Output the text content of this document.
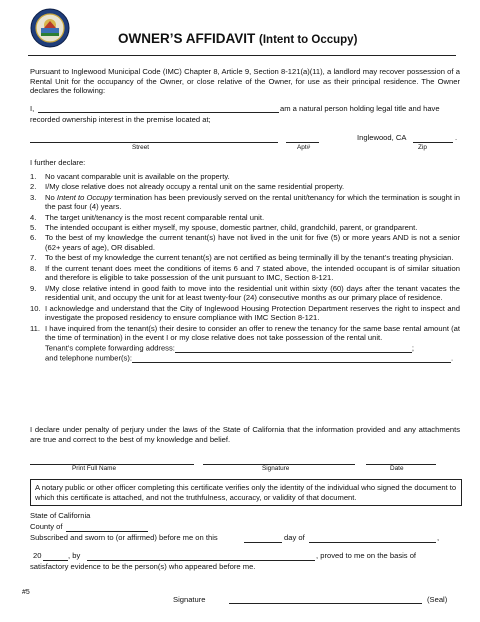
OWNER’S AFFIDAVIT (Intent to Occupy)
Pursuant to Inglewood Municipal Code (IMC) Chapter 8, Article 9, Section 8-121(a)(11), a landlord may recover possession of a Rental Unit for the occupancy of the Owner, or close relative of the Owner, for use as their principal residence. The Owner declares the following:
I,	am a natural person holding legal title and have
recorded ownership interest in the premise located at;
Inglewood, CA	.
Street	Apt#	Zip
I further declare:
1. No vacant comparable unit is available on the property.
2. I/My close relative does not already occupy a rental unit on the same residential property.
3. No Intent to Occupy termination has been previously served on the rental unit/tenancy for which the termination is sought in the past four (4) years.
4. The target unit/tenancy is the most recent comparable rental unit.
5. The intended occupant is either myself, my spouse, domestic partner, child, grandchild, parent, or grandparent.
6. To the best of my knowledge the current tenant(s) have not lived in the unit for five (5) or more years AND is not a senior (62+ years of age), OR disabled.
7. To the best of my knowledge the current tenant(s) are not certified as being terminally ill by the tenant’s treating physician.
8. If the current tenant does meet the conditions of items 6 and 7 stated above, the intended occupant is of similar situation and therefore is eligible to take possession of the unit pursuant to IMC, Section 8-121.
9. I/My close relative intend in good faith to move into the residential unit within sixty (60) days after the tenant vacates the residential unit, and occupy the unit for at least twenty-four (24) consecutive months as our primary place of residence.
10. I acknowledge and understand that the City of Inglewood Housing Protection Department reserves the right to inspect and investigate the proposed residency to ensure compliance with IMC Section 8-121.
11. I have inquired from the tenant(s) their desire to consider an offer to renew the tenancy for the same base rental amount (at the time of termination) in the event I or my close relative does not take possession of the rental unit.
Tenant’s complete forwarding address:	;
and telephone number(s):	.
I declare under penalty of perjury under the laws of the State of California that the information provided and any attachments are true and correct to the best of my knowledge and belief.
Print Full Name	Signature	Date
A notary public or other officer completing this certificate verifies only the identity of the individual who signed the document to which this certificate is attached, and not the truthfulness, accuracy, or validity of that document.
State of California
County of
Subscribed and sworn to (or affirmed) before me on this	day of	,
20	, by	, proved to me on the basis of
satisfactory evidence to be the person(s) who appeared before me.
#5
Signature	(Seal)
